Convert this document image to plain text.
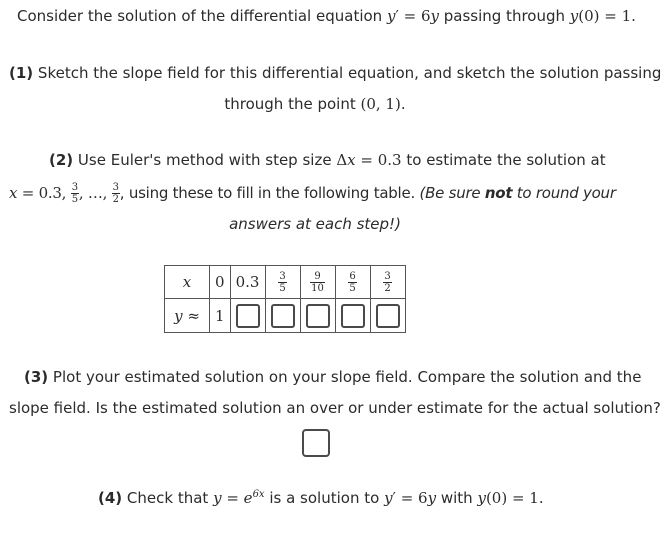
Consider the solution of the differential equation y′ = 6y passing through y(0) = 1.
(1) Sketch the slope field for this differential equation, and sketch the solution passing
through the point (0, 1).
(2) Use Euler's method with step size Δx = 0.3 to estimate the solution at
x = 0.3, $\frac{3}{5}$ , …, $\frac{3}{2}$ , using these to fill in the following table. (Be sure not to round your
answers at each step!)
x	0	0.3	$\frac{3}{5}$	$\frac{9}{10}$	$\frac{6}{5}$	$\frac{3}{2}$

y ≈	1					
(3) Plot your estimated solution on your slope field. Compare the solution and the
slope field. Is the estimated solution an over or under estimate for the actual solution?
(4) Check that $y = e^{6x}$ is a solution to y′ = 6y with y(0) = 1.
